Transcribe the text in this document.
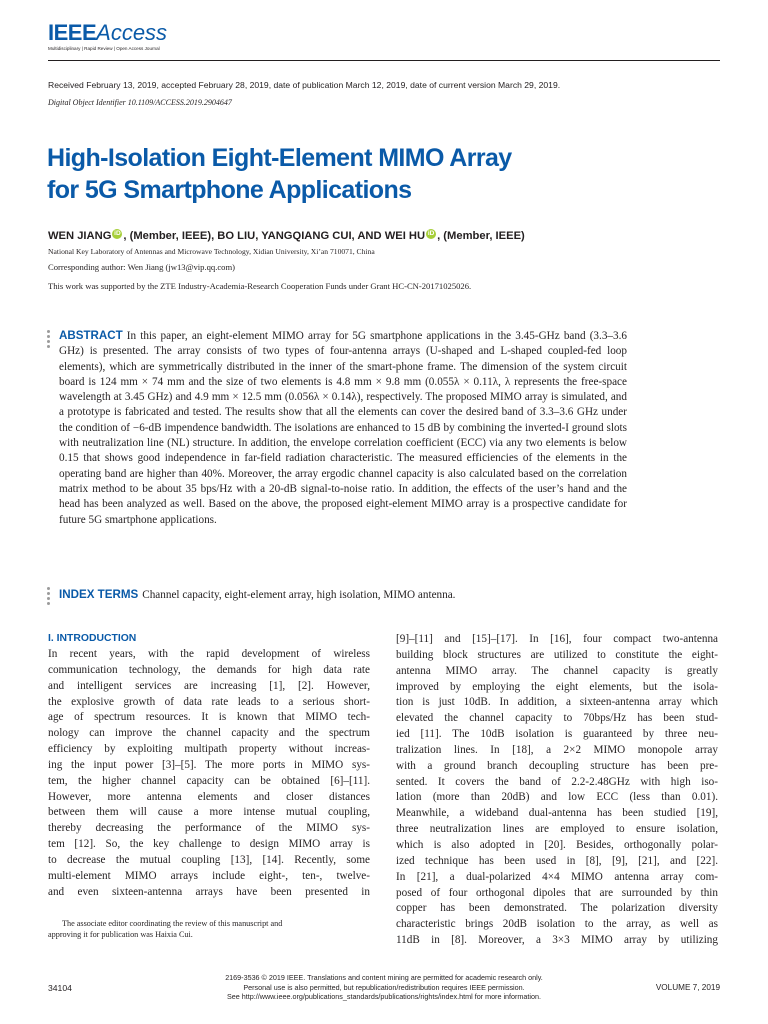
IEEEAccess
Multidisciplinary | Rapid Review | Open Access Journal
Received February 13, 2019, accepted February 28, 2019, date of publication March 12, 2019, date of current version March 29, 2019.
Digital Object Identifier 10.1109/ACCESS.2019.2904647
High-Isolation Eight-Element MIMO Array
for 5G Smartphone Applications
WEN JIANG iD , (Member, IEEE), BO LIU, YANGQIANG CUI, AND WEI HU iD , (Member, IEEE)
National Key Laboratory of Antennas and Microwave Technology, Xidian University, Xi’an 710071, China
Corresponding author: Wen Jiang (jw13@vip.qq.com)
This work was supported by the ZTE Industry-Academia-Research Cooperation Funds under Grant HC-CN-20171025026.
ABSTRACT In this paper, an eight-element MIMO array for 5G smartphone applications in the 3.45-GHz band (3.3–3.6 GHz) is presented. The array consists of two types of four-antenna arrays (U-shaped and L-shaped coupled-fed loop elements), which are symmetrically distributed in the inner of the smart-phone frame. The dimension of the system circuit board is 124 mm × 74 mm and the size of two elements is 4.8 mm × 9.8 mm (0.055λ × 0.11λ, λ represents the free-space wavelength at 3.45 GHz) and 4.9 mm × 12.5 mm (0.056λ × 0.14λ), respectively. The proposed MIMO array is simulated, and a prototype is fabricated and tested. The results show that all the elements can cover the desired band of 3.3–3.6 GHz under the condition of −6-dB impendence bandwidth. The isolations are enhanced to 15 dB by combining the inverted-I ground slots with neutralization line (NL) structure. In addition, the envelope correlation coefficient (ECC) via any two elements is below 0.15 that shows good independence in far-field radiation characteristic. The measured efficiencies of the elements in the operating band are higher than 40%. Moreover, the array ergodic channel capacity is also calculated based on the correlation matrix method to be about 35 bps/Hz with a 20-dB signal-to-noise ratio. In addition, the effects of the user’s hand and the head has been analyzed as well. Based on the above, the proposed eight-element MIMO array is a prospective candidate for future 5G smartphone applications.
INDEX TERMS Channel capacity, eight-element array, high isolation, MIMO antenna.
I. INTRODUCTION
In recent years, with the rapid development of wireless
communication technology, the demands for high data rate
and intelligent services are increasing [1], [2]. However,
the explosive growth of data rate leads to a serious short-
age of spectrum resources. It is known that MIMO tech-
nology can improve the channel capacity and the spectrum
efficiency by exploiting multipath property without increas-
ing the input power [3]–[5]. The more ports in MIMO sys-
tem, the higher channel capacity can be obtained [6]–[11].
However, more antenna elements and closer distances
between them will cause a more intense mutual coupling,
thereby decreasing the performance of the MIMO sys-
tem [12]. So, the key challenge to design MIMO array is
to decrease the mutual coupling [13], [14]. Recently, some
multi-element MIMO arrays include eight-, ten-, twelve-
and even sixteen-antenna arrays have been presented in
The associate editor coordinating the review of this manuscript and
approving it for publication was Haixia Cui.
[9]–[11] and [15]–[17]. In [16], four compact two-antenna
building block structures are utilized to constitute the eight-
antenna MIMO array. The channel capacity is greatly
improved by employing the eight elements, but the isola-
tion is just 10dB. In addition, a sixteen-antenna array which
elevated the channel capacity to 70bps/Hz has been stud-
ied [11]. The 10dB isolation is guaranteed by three neu-
tralization lines. In [18], a 2×2 MIMO monopole array
with a ground branch decoupling structure has been pre-
sented. It covers the band of 2.2-2.48GHz with high iso-
lation (more than 20dB) and low ECC (less than 0.01).
Meanwhile, a wideband dual-antenna has been studied [19],
three neutralization lines are employed to ensure isolation,
which is also adopted in [20]. Besides, orthogonally polar-
ized technique has been used in [8], [9], [21], and [22].
In [21], a dual-polarized 4×4 MIMO antenna array com-
posed of four orthogonal dipoles that are surrounded by thin
copper has been demonstrated. The polarization diversity
characteristic brings 20dB isolation to the array, as well as
11dB in [8]. Moreover, a 3×3 MIMO array by utilizing
34104
2169-3536 © 2019 IEEE. Translations and content mining are permitted for academic research only.
Personal use is also permitted, but republication/redistribution requires IEEE permission.
See http://www.ieee.org/publications_standards/publications/rights/index.html for more information.
VOLUME 7, 2019
